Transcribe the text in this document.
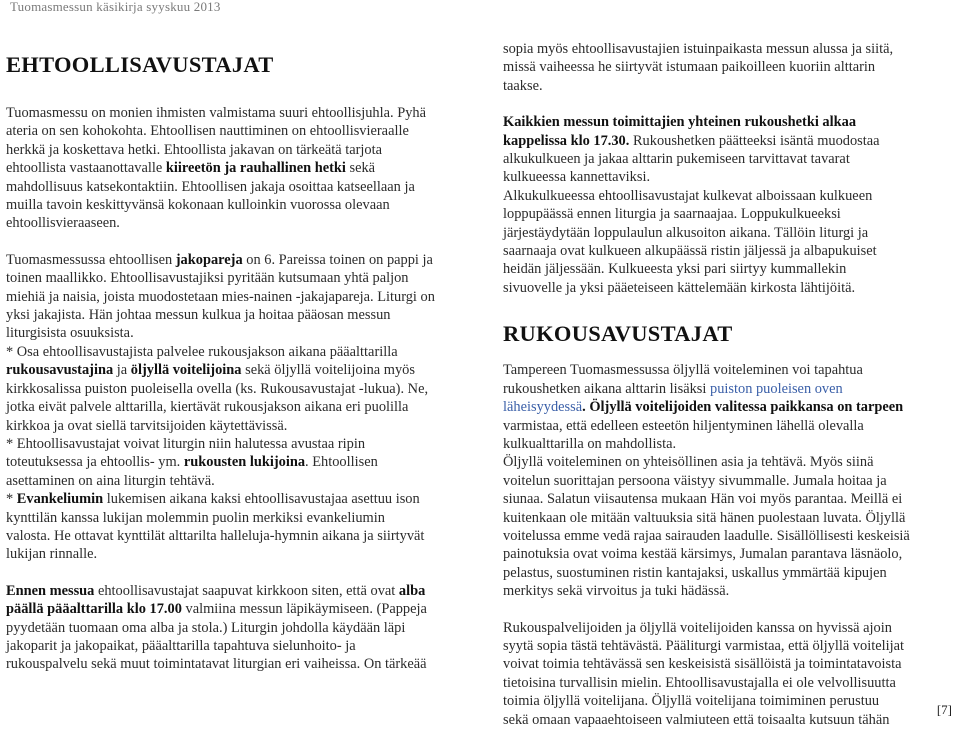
Tuomasmessun käsikirja syyskuu 2013
EHTOOLLISAVUSTAJAT
Tuomasmessu on monien ihmisten valmistama suuri ehtoollisjuhla. Pyhä
ateria on sen kohokohta. Ehtoollisen nauttiminen on ehtoollisvieraalle
herkkä ja koskettava hetki. Ehtoollista jakavan on tärkeätä tarjota
ehtoollista vastaanottavalle kiireetön ja rauhallinen hetki sekä
mahdollisuus katsekontaktiin. Ehtoollisen jakaja osoittaa katseellaan ja
muilla tavoin keskittyvänsä kokonaan kulloinkin vuorossa olevaan
ehtoollisvieraaseen.
Tuomasmessussa ehtoollisen jakopareja on 6. Pareissa toinen on pappi ja
toinen maallikko. Ehtoollisavustajiksi pyritään kutsumaan yhtä paljon
miehiä ja naisia, joista muodostetaan mies-nainen -jakajapareja. Liturgi on
yksi jakajista. Hän johtaa messun kulkua ja hoitaa pääosan messun
liturgisista osuuksista.
* Osa ehtoollisavustajista palvelee rukousjakson aikana pääalttarilla
rukousavustajina ja öljyllä voitelijoina sekä öljyllä voitelijoina myös
kirkkosalissa puiston puoleisella ovella (ks. Rukousavustajat -lukua). Ne,
jotka eivät palvele alttarilla, kiertävät rukousjakson aikana eri puolilla
kirkkoa ja ovat siellä tarvitsijoiden käytettävissä.
* Ehtoollisavustajat voivat liturgin niin halutessa avustaa ripin
toteutuksessa ja ehtoollis- ym. rukousten lukijoina. Ehtoollisen
asettaminen on aina liturgin tehtävä.
* Evankeliumin lukemisen aikana kaksi ehtoollisavustajaa asettuu ison
kynttilän kanssa lukijan molemmin puolin merkiksi evankeliumin
valosta. He ottavat kynttilät alttarilta halleluja-hymnin aikana ja siirtyvät
lukijan rinnalle.
Ennen messua ehtoollisavustajat saapuvat kirkkoon siten, että ovat alba
päällä pääalttarilla klo 17.00 valmiina messun läpikäymiseen. (Pappeja
pyydetään tuomaan oma alba ja stola.) Liturgin johdolla käydään läpi
jakoparit ja jakopaikat, pääalttarilla tapahtuva sielunhoito- ja
rukouspalvelu sekä muut toimintatavat liturgian eri vaiheissa. On tärkeää
sopia myös ehtoollisavustajien istuinpaikasta messun alussa ja siitä,
missä vaiheessa he siirtyvät istumaan paikoilleen kuoriin alttarin
taakse.
Kaikkien messun toimittajien yhteinen rukoushetki alkaa
kappelissa klo 17.30. Rukoushetken päätteeksi isäntä muodostaa
alkukulkueen ja jakaa alttarin pukemiseen tarvittavat tavarat
kulkueessa kannettaviksi.
Alkukulkueessa ehtoollisavustajat kulkevat alboissaan kulkueen
loppupäässä ennen liturgia ja saarnaajaa. Loppukulkueeksi
järjestäydytään loppulaulun alkusoiton aikana. Tällöin liturgi ja
saarnaaja ovat kulkueen alkupäässä ristin jäljessä ja albapukuiset
heidän jäljessään. Kulkueesta yksi pari siirtyy kummallekin
sivuovelle ja yksi pääeteiseen kättelemään kirkosta lähtijöitä.
RUKOUSAVUSTAJAT
Tampereen Tuomasmessussa öljyllä voiteleminen voi tapahtua
rukoushetken aikana alttarin lisäksi puiston puoleisen oven
läheisyydessä. Öljyllä voitelijoiden valitessa paikkansa on tarpeen
varmistaa, että edelleen esteetön hiljentyminen lähellä olevalla
kulkualttarilla on mahdollista.
Öljyllä voiteleminen on yhteisöllinen asia ja tehtävä. Myös siinä
voitelun suorittajan persoona väistyy sivummalle. Jumala hoitaa ja
siunaa. Salatun viisautensa mukaan Hän voi myös parantaa. Meillä ei
kuitenkaan ole mitään valtuuksia sitä hänen puolestaan luvata. Öljyllä
voitelussa emme vedä rajaa sairauden laadulle. Sisällöllisesti keskeisiä
painotuksia ovat voima kestää kärsimys, Jumalan parantava läsnäolo,
pelastus, suostuminen ristin kantajaksi, uskallus ymmärtää kipujen
merkitys sekä virvoitus ja tuki hädässä.
Rukouspalvelijoiden ja öljyllä voitelijoiden kanssa on hyvissä ajoin
syytä sopia tästä tehtävästä. Pääliturgi varmistaa, että öljyllä voitelijat
voivat toimia tehtävässä sen keskeisistä sisällöistä ja toimintatavoista
tietoisina turvallisin mielin. Ehtoollisavustajalla ei ole velvollisuutta
toimia öljyllä voitelijana. Öljyllä voitelijana toimiminen perustuu
sekä omaan vapaaehtoiseen valmiuteen että toisaalta kutsuun tähän
[7]
